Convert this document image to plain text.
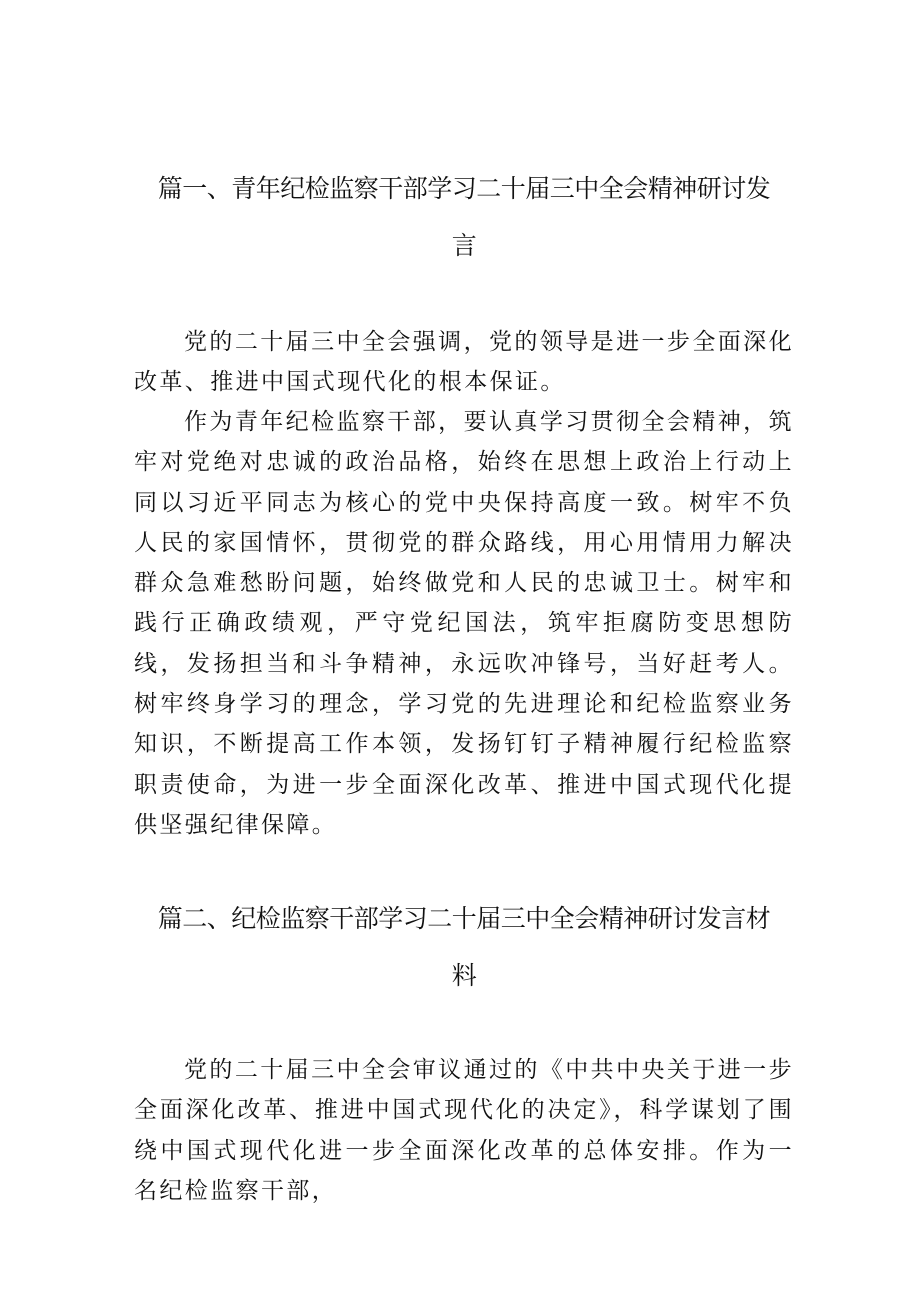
篇一、青年纪检监察干部学习二十届三中全会精神研讨发
言

党的二十届三中全会强调，党的领导是进一步全面深化改革、推进中国式现代化的根本保证。

作为青年纪检监察干部，要认真学习贯彻全会精神，筑牢对党绝对忠诚的政治品格，始终在思想上政治上行动上同以习近平同志为核心的党中央保持高度一致。树牢不负人民的家国情怀，贯彻党的群众路线，用心用情用力解决群众急难愁盼问题，始终做党和人民的忠诚卫士。树牢和践行正确政绩观，严守党纪国法，筑牢拒腐防变思想防线，发扬担当和斗争精神，永远吹冲锋号，当好赶考人。树牢终身学习的理念，学习党的先进理论和纪检监察业务知识，不断提高工作本领，发扬钉钉子精神履行纪检监察职责使命，为进一步全面深化改革、推进中国式现代化提供坚强纪律保障。

篇二、纪检监察干部学习二十届三中全会精神研讨发言材
料

党的二十届三中全会审议通过的《中共中央关于进一步全面深化改革、推进中国式现代化的决定》，科学谋划了围绕中国式现代化进一步全面深化改革的总体安排。作为一名纪检监察干部，
